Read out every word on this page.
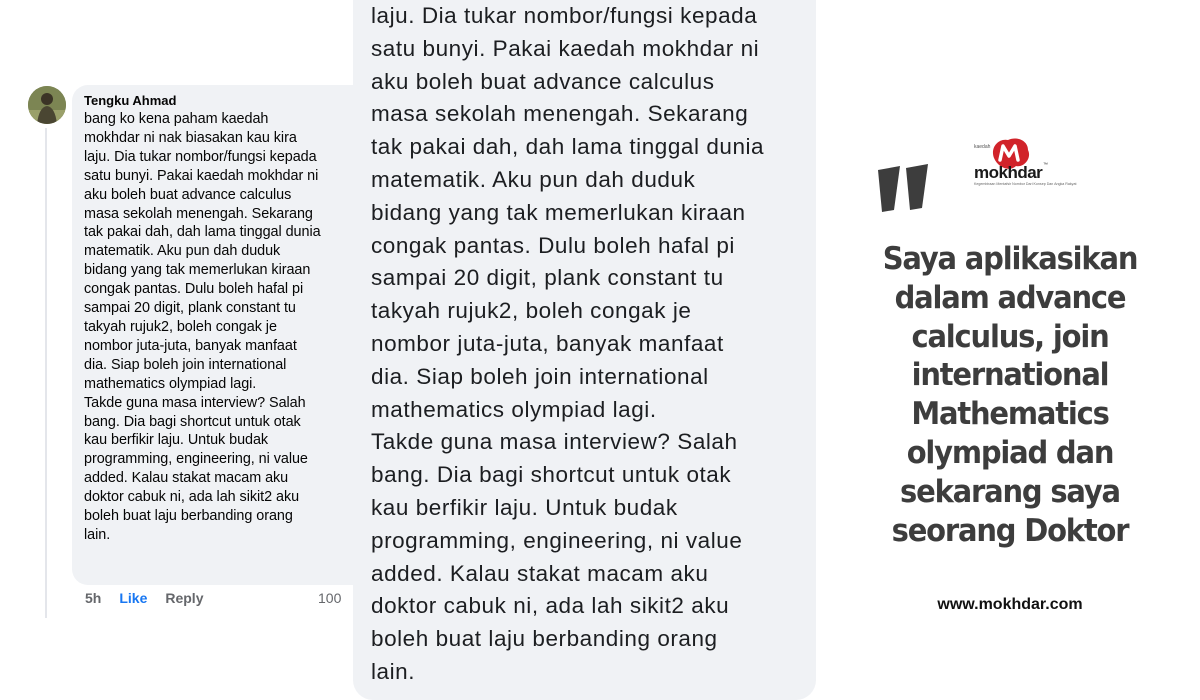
Tengku Ahmad
bang ko kena paham kaedah
mokhdar ni nak biasakan kau kira
laju. Dia tukar nombor/fungsi kepada
satu bunyi. Pakai kaedah mokhdar ni
aku boleh buat advance calculus
masa sekolah menengah. Sekarang
tak pakai dah, dah lama tinggal dunia
matematik. Aku pun dah duduk
bidang yang tak memerlukan kiraan
congak pantas. Dulu boleh hafal pi
sampai 20 digit, plank constant tu
takyah rujuk2, boleh congak je
nombor juta-juta, banyak manfaat
dia. Siap boleh join international
mathematics olympiad lagi.
Takde guna masa interview? Salah
bang. Dia bagi shortcut untuk otak
kau berfikir laju. Untuk budak
programming, engineering, ni value
added. Kalau stakat macam aku
doktor cabuk ni, ada lah sikit2 aku
boleh buat laju berbanding orang
lain.
5h Like Reply	100
laju. Dia tukar nombor/fungsi kepada
satu bunyi. Pakai kaedah mokhdar ni
aku boleh buat advance calculus
masa sekolah menengah. Sekarang
tak pakai dah, dah lama tinggal dunia
matematik. Aku pun dah duduk
bidang yang tak memerlukan kiraan
congak pantas. Dulu boleh hafal pi
sampai 20 digit, plank constant tu
takyah rujuk2, boleh congak je
nombor juta-juta, banyak manfaat
dia. Siap boleh join international
mathematics olympiad lagi.
Takde guna masa interview? Salah
bang. Dia bagi shortcut untuk otak
kau berfikir laju. Untuk budak
programming, engineering, ni value
added. Kalau stakat macam aku
doktor cabuk ni, ada lah sikit2 aku
boleh buat laju berbanding orang
lain.
kaedah
mokhdar ™
Kegembiraan Mentafsir Nombor Dari Konsep Dan Angka Rakyat
Saya aplikasikan dalam advance calculus, join international Mathematics olympiad dan sekarang saya seorang Doktor
www.mokhdar.com
